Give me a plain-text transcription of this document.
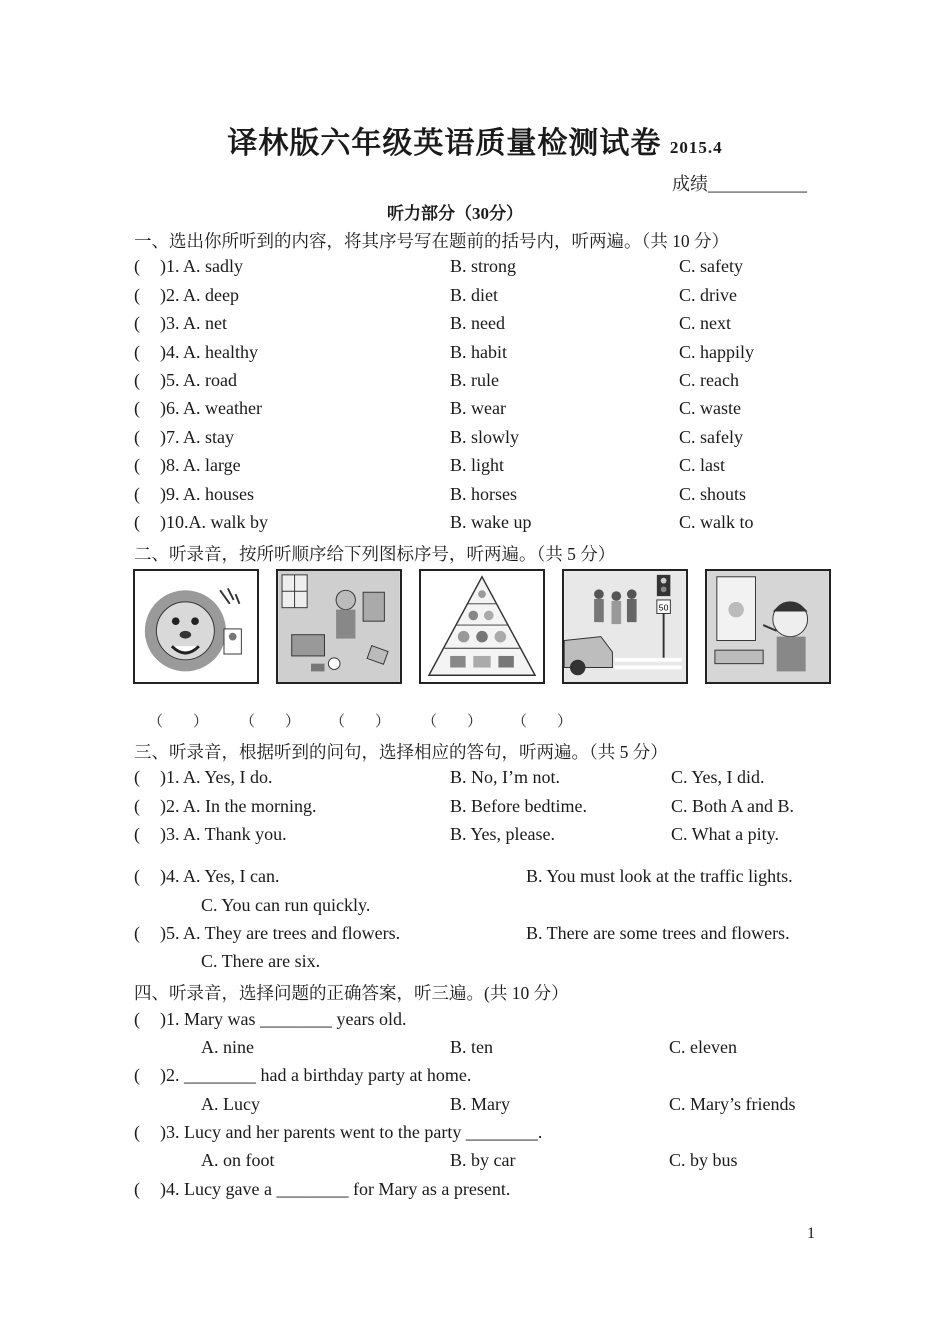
译林版六年级英语质量检测试卷 2015.4
成绩___________
听力部分（30分）
一、选出你所听到的内容，将其序号写在题前的括号内，听两遍。（共 10 分）
( )1. A. sadly	B. strong	C. safety
( )2. A. deep	B. diet	C. drive
( )3. A. net	B. need	C. next
( )4. A. healthy	B. habit	C. happily
( )5. A. road	B. rule	C. reach
( )6. A. weather	B. wear	C. waste
( )7. A. stay	B. slowly	C. safely
( )8. A. large	B. light	C. last
( )9. A. houses	B. horses	C. shouts
( )10.A. walk by	B. wake up	C. walk to
二、听录音，按所听顺序给下列图标序号，听两遍。（共 5 分）
50
（　　） （　　） （　　） （　　） （　　）
三、听录音，根据听到的问句，选择相应的答句，听两遍。（共 5 分）
( )1. A. Yes, I do.	B. No, I’m not.	C. Yes, I did.
( )2. A. In the morning.	B. Before bedtime.	C. Both A and B.
( )3. A. Thank you.	B. Yes, please.	C. What a pity.
( )4. A. Yes, I can.	B. You must look at the traffic lights.
C. You can run quickly.
( )5. A. They are trees and flowers.	B. There are some trees and flowers.
C. There are six.
四、听录音，选择问题的正确答案，听三遍。(共 10 分）
( )1. Mary was ________ years old.
A. nine	B. ten	C. eleven
( )2. ________ had a birthday party at home.
A. Lucy	B. Mary	C. Mary’s friends
( )3. Lucy and her parents went to the party ________.
A. on foot	B. by car	C. by bus
( )4. Lucy gave a ________ for Mary as a present.
1
